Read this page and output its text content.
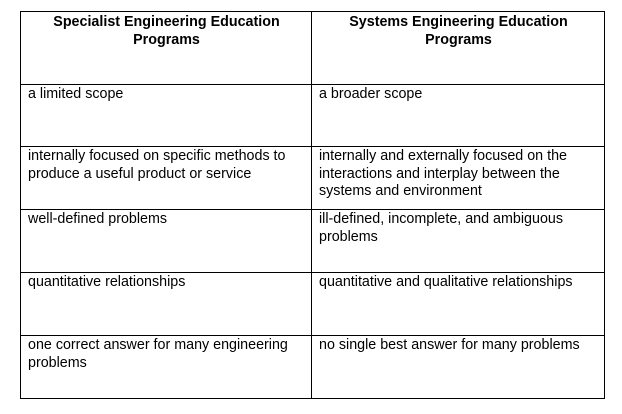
Specialist Engineering Education Programs	Systems Engineering Education Programs
a limited scope	a broader scope
internally focused on specific methods to produce a useful product or service	internally and externally focused on the interactions and interplay between the systems and environment
well-defined problems	ill-defined, incomplete, and ambiguous problems
quantitative relationships	quantitative and qualitative relationships
one correct answer for many engineering problems	no single best answer for many problems
